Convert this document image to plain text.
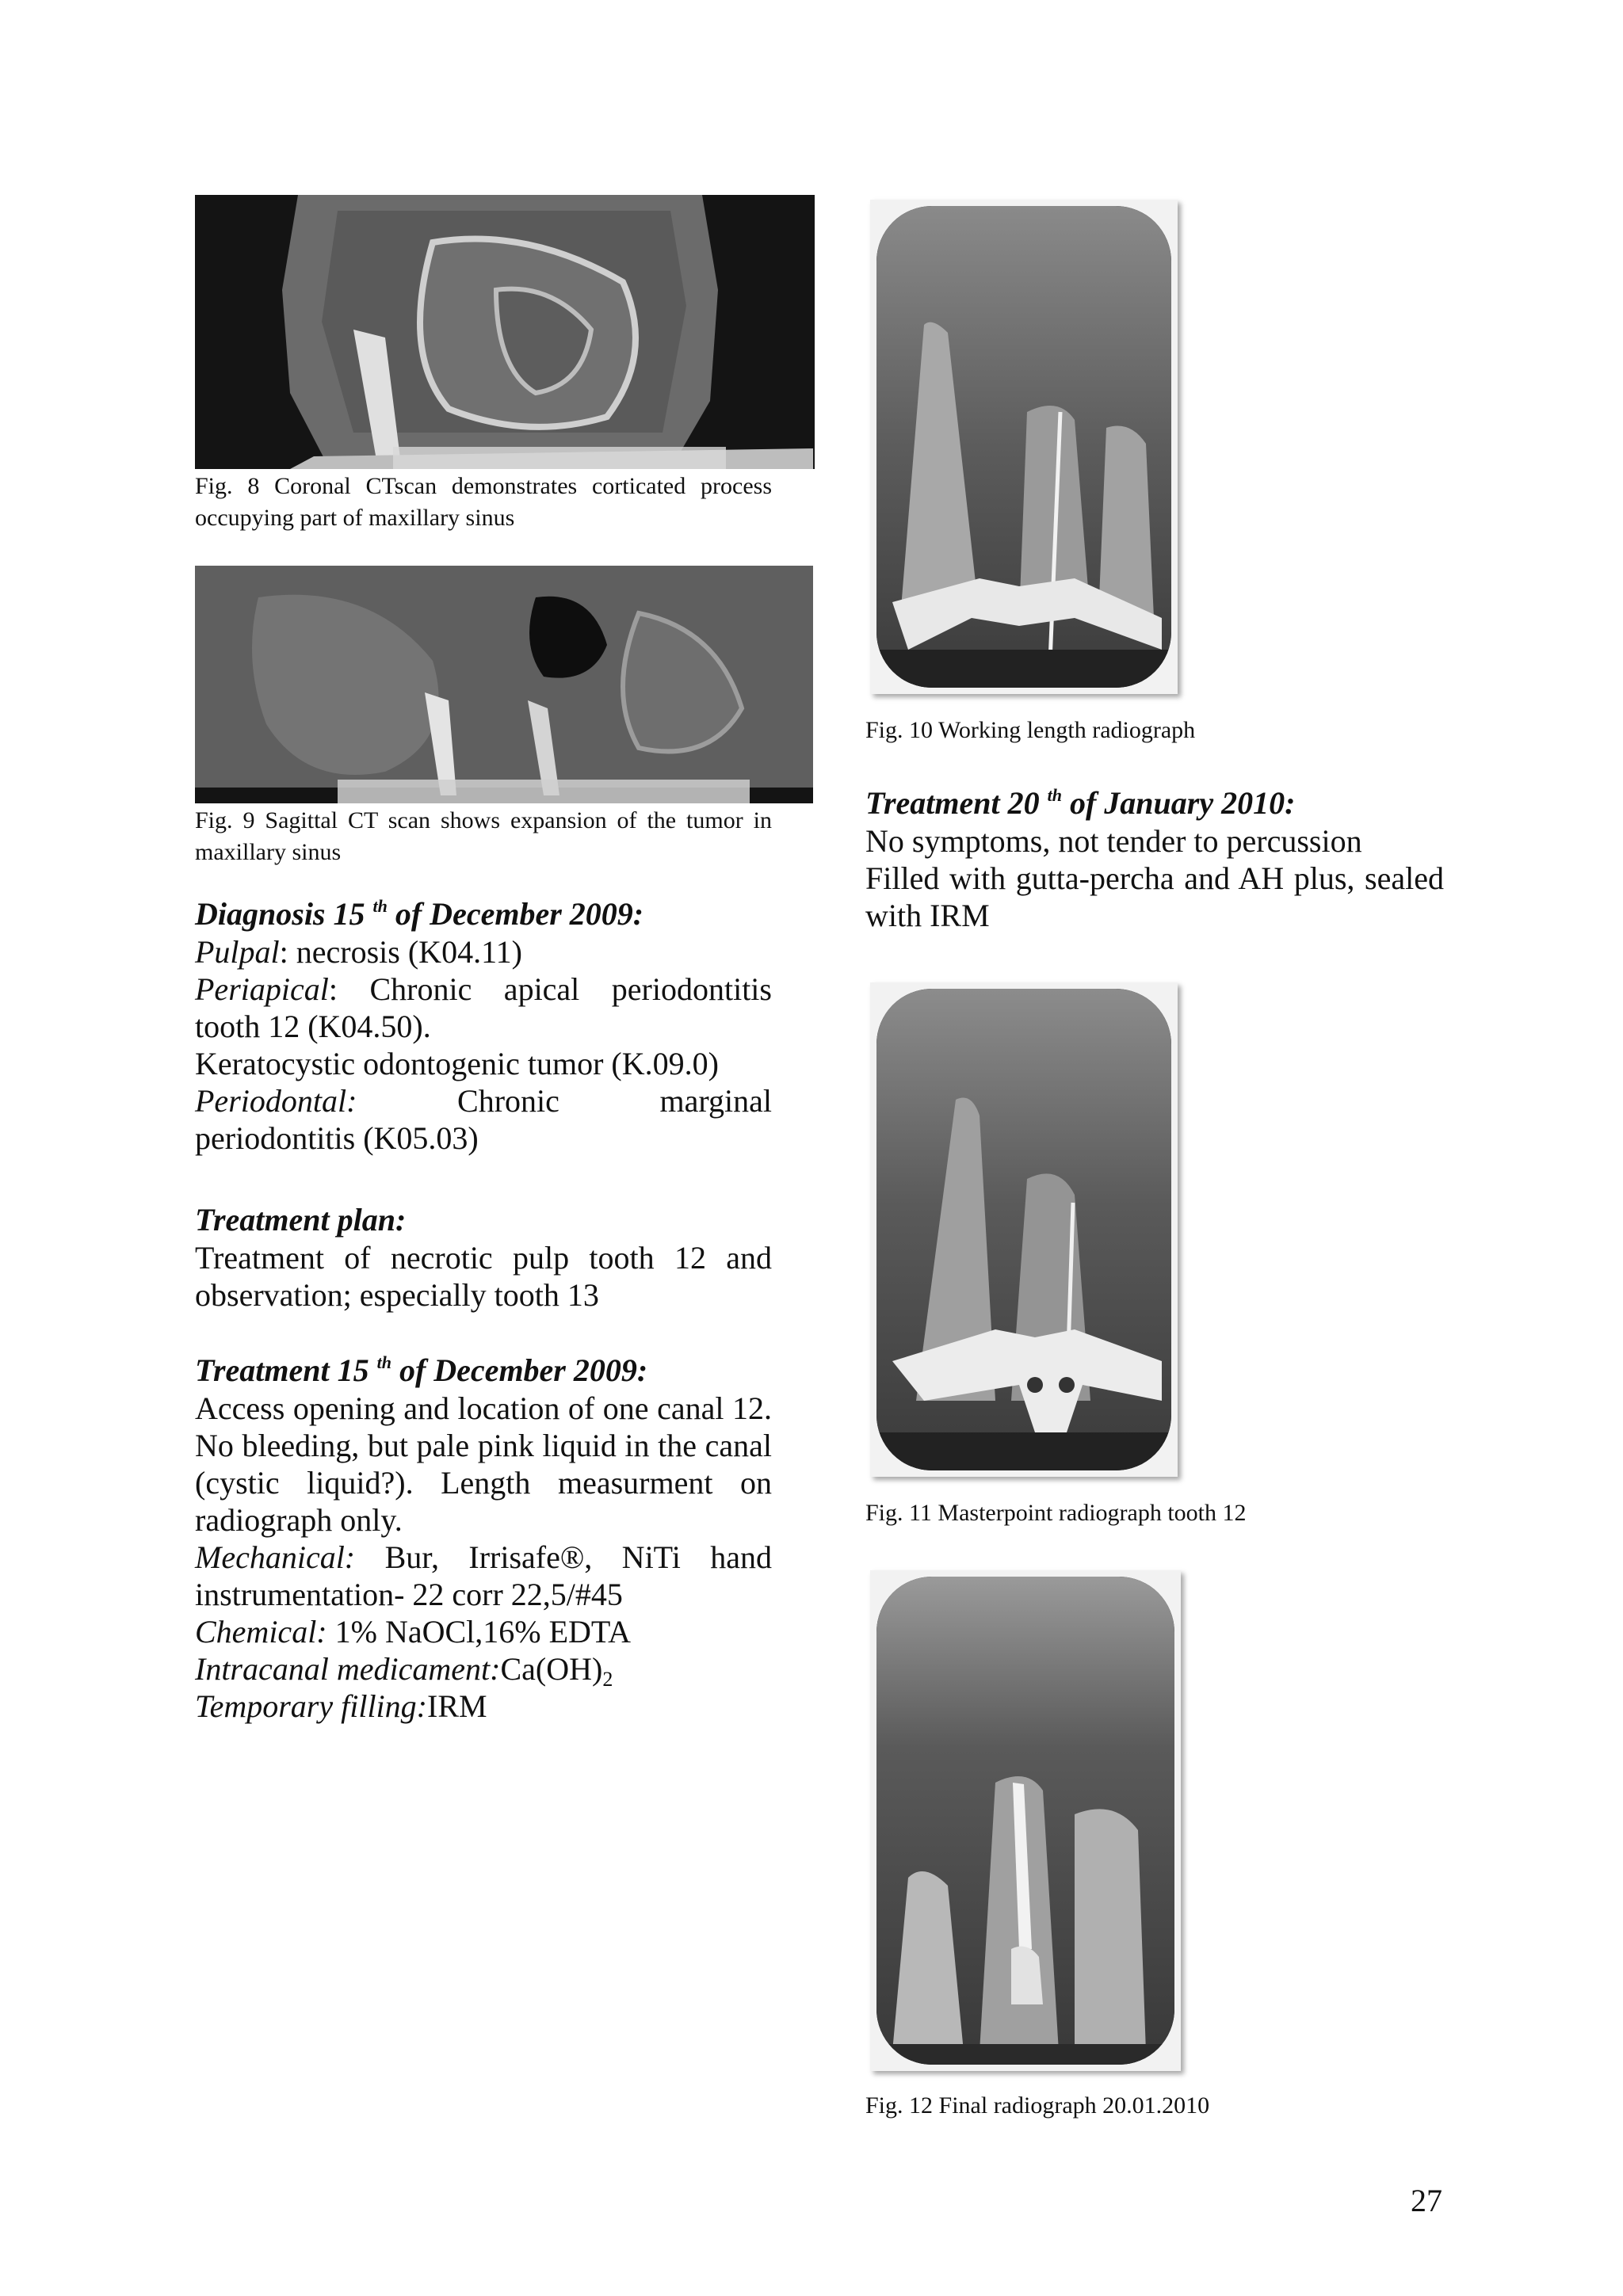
Fig. 8 Coronal CTscan demonstrates corticated process occupying part of maxillary sinus
Fig. 9 Sagittal CT scan shows expansion of the tumor in maxillary sinus
Diagnosis 15 $^{th}$ of December 2009:
Pulpal: necrosis (K04.11)
Periapical: Chronic apical periodontitis tooth 12 (K04.50).
Keratocystic odontogenic tumor (K.09.0)
Periodontal:	Chronic	marginal
periodontitis (K05.03)
Treatment plan:
Treatment of necrotic pulp tooth 12 and observation; especially tooth 13
Treatment 15 $^{th}$ of December 2009:
Access opening and location of one canal 12. No bleeding, but pale pink liquid in the canal (cystic liquid?). Length measurment on radiograph only.
Mechanical: Bur, Irrisafe®, NiTi hand instrumentation- 22 corr 22,5/#45
Chemical: 1% NaOCl,16% EDTA
Intracanal $medicament:Ca(OH)_2$
Temporary filling:IRM
Fig. 10 Working length radiograph
Treatment 20 $^{th}$ of January 2010:
No symptoms, not tender to percussion
Filled with gutta-percha and AH plus, sealed with IRM
Fig. 11 Masterpoint radiograph tooth 12
Fig. 12 Final radiograph 20.01.2010
27
